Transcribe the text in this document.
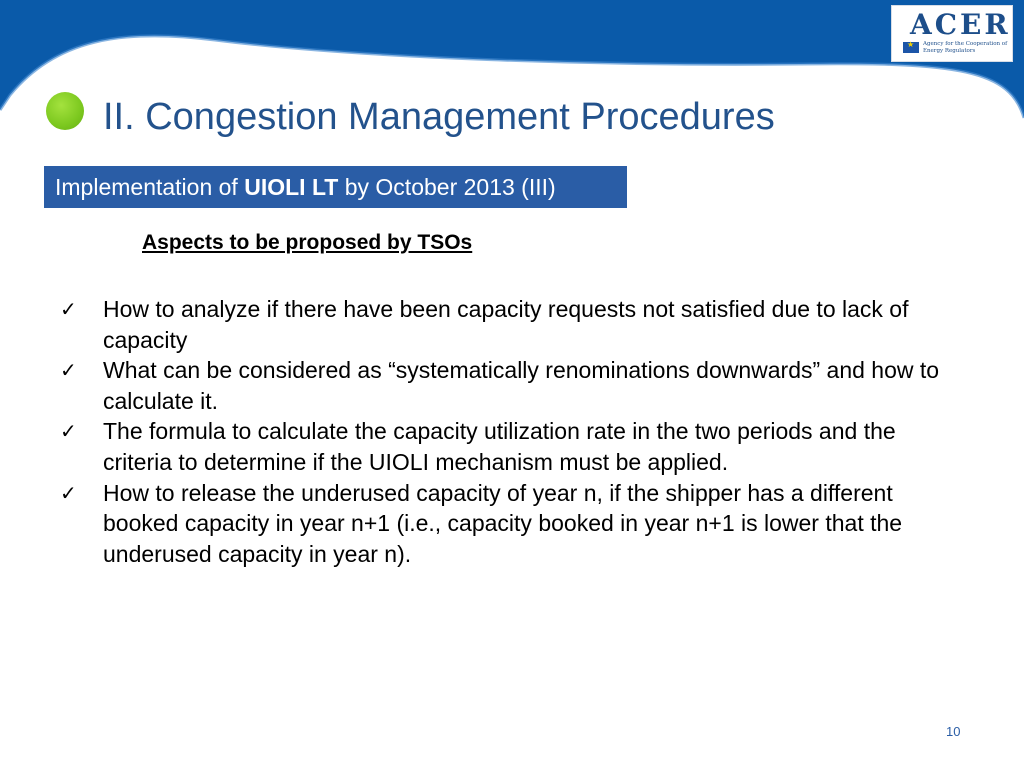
ACER
★
Agency for the Cooperation of Energy Regulators
II. Congestion Management Procedures
Implementation of UIOLI LT by October 2013 (III)
Aspects to be proposed by TSOs
✓ How to analyze if there have been capacity requests not satisfied due to lack of capacity
✓ What can be considered as “systematically renominations downwards” and how to calculate it.
✓ The formula to calculate the capacity utilization rate in the two periods and the criteria to determine if the UIOLI mechanism must be applied.
✓ How to release the underused capacity of year n, if the shipper has a different booked capacity in year n+1 (i.e., capacity booked in year n+1 is lower that the underused capacity in year n).
10
